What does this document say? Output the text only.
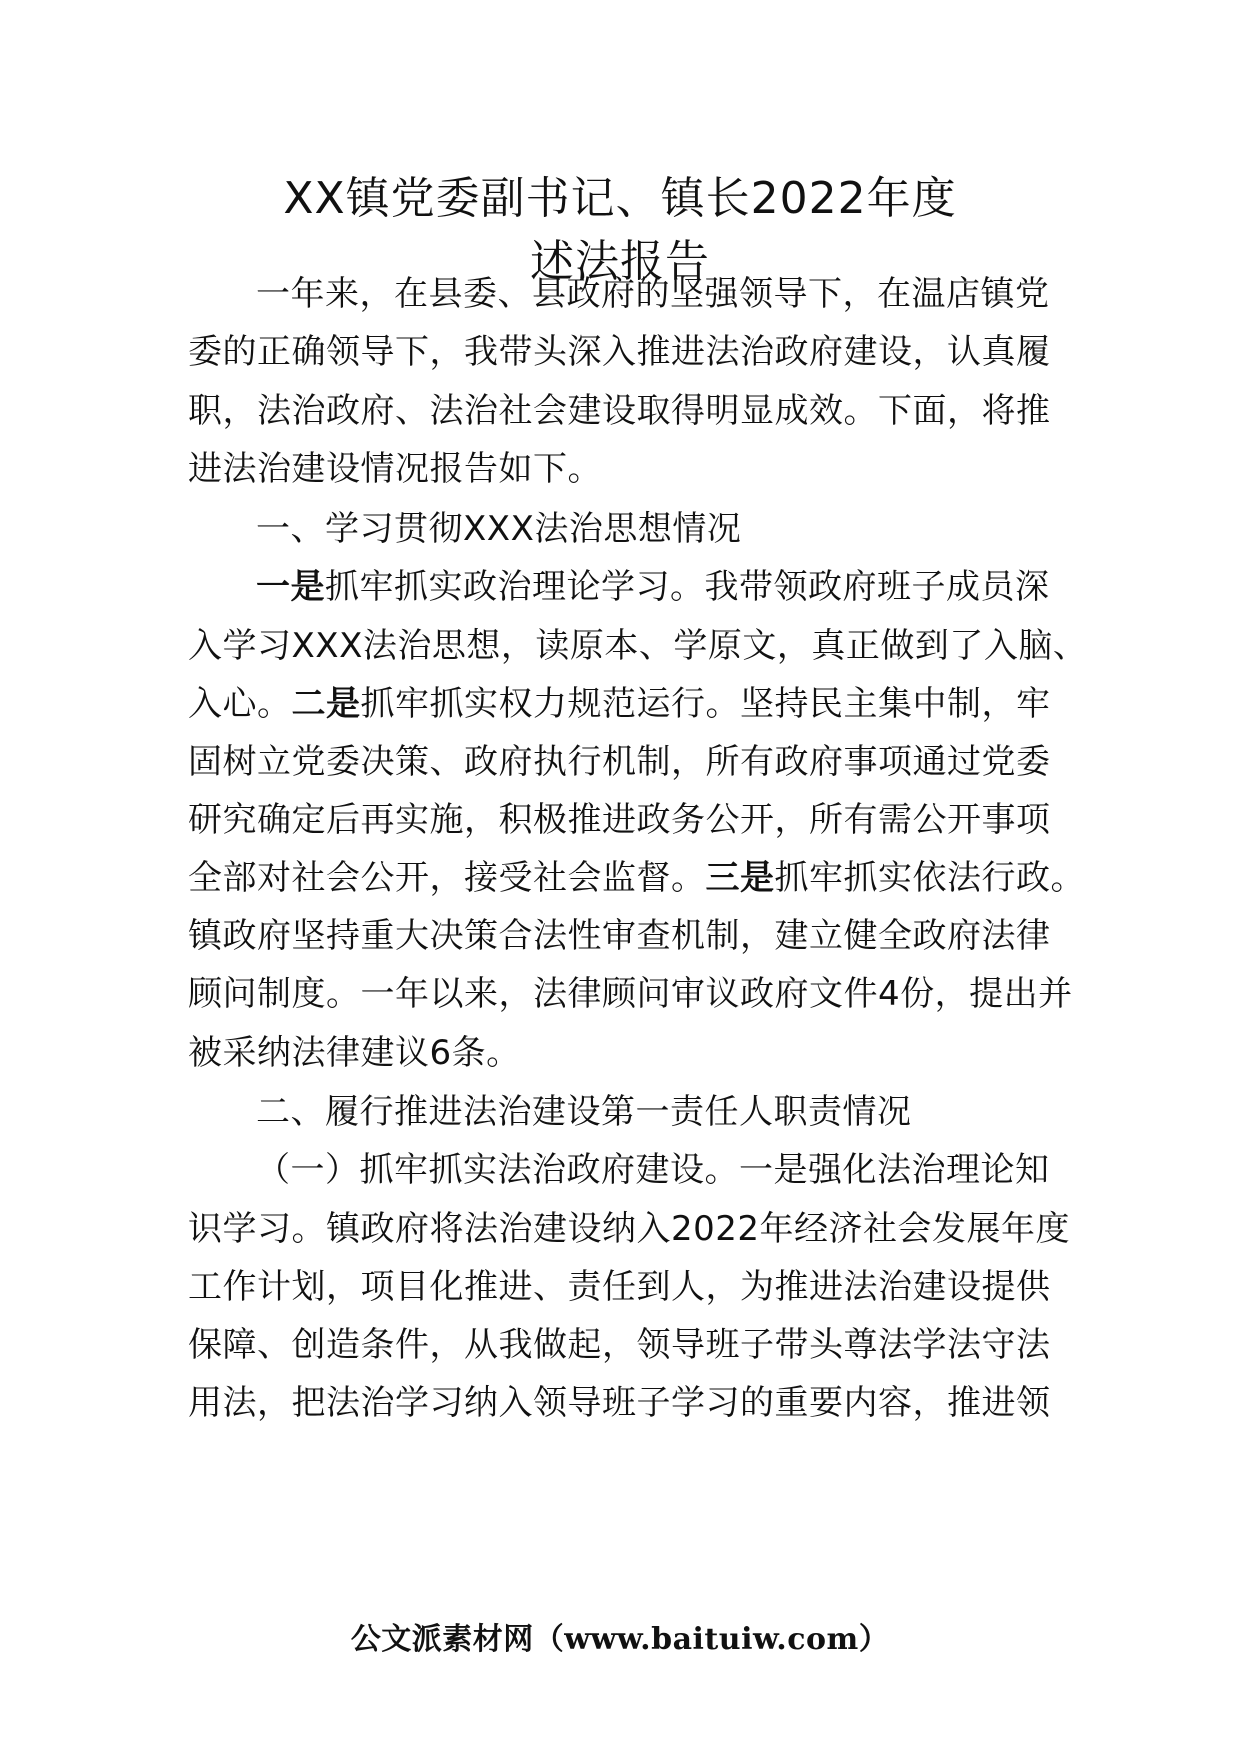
XX镇党委副书记、镇长2022年度
述法报告
一年来，在县委、县政府的坚强领导下，在温店镇党
委的正确领导下，我带头深入推进法治政府建设，认真履
职，法治政府、法治社会建设取得明显成效。下面，将推
进法治建设情况报告如下。
一、学习贯彻XXX法治思想情况
一是抓牢抓实政治理论学习。我带领政府班子成员深
入学习XXX法治思想，读原本、学原文，真正做到了入脑、
入心。二是抓牢抓实权力规范运行。坚持民主集中制，牢
固树立党委决策、政府执行机制，所有政府事项通过党委
研究确定后再实施，积极推进政务公开，所有需公开事项
全部对社会公开，接受社会监督。三是抓牢抓实依法行政。
镇政府坚持重大决策合法性审查机制，建立健全政府法律
顾问制度。一年以来，法律顾问审议政府文件4份，提出并
被采纳法律建议6条。
二、履行推进法治建设第一责任人职责情况
（一）抓牢抓实法治政府建设。一是强化法治理论知
识学习。镇政府将法治建设纳入2022年经济社会发展年度
工作计划，项目化推进、责任到人，为推进法治建设提供
保障、创造条件，从我做起，领导班子带头尊法学法守法
用法，把法治学习纳入领导班子学习的重要内容，推进领
公文派素材网（www.baituiw.com）
